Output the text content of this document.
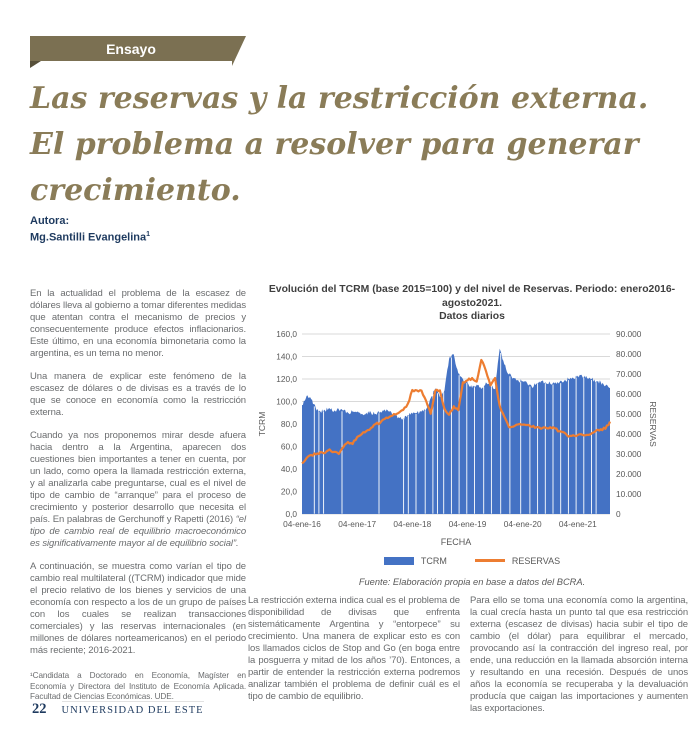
Ensayo
Las reservas y la restricción externa.
El problema a resolver para generar
crecimiento.
Autora:
Mg.Santilli Evangelina$^1$

En la actualidad el problema de la escasez de dólares lleva al gobierno a tomar diferentes medidas que atentan contra el mecanismo de precios y consecuentemente produce efectos inflacionarios. Este último, en una economía bimonetaria como la argentina, es un tema no menor.

Una manera de explicar este fenómeno de la escasez de dólares o de divisas es a través de lo que se conoce en economía como la restricción externa.

Cuando ya nos proponemos mirar desde afuera hacia dentro a la Argentina, aparecen dos cuestiones bien importantes a tener en cuenta, por un lado, como opera la llamada restricción externa, y al analizarla cabe preguntarse, cual es el nivel de tipo de cambio de “arranque” para el proceso de crecimiento y posterior desarrollo que necesita el país. En palabras de Gerchunoff y Rapetti (2016) “el tipo de cambio real de equilibrio macroeconómico es significativamente mayor al de equilibrio social”.

A continuación, se muestra como varían el tipo de cambio real multilateral ((TCRM) indicador que mide el precio relativo de los bienes y servicios de una economía con respecto a los de un grupo de países con los cuales se realizan transacciones comerciales) y las reservas internacionales (en millones de dólares norteamericanos) en el periodo más reciente; 2016-2021.

¹Candidata a Doctorado en Economía, Magíster en Economía y Directora del Instituto de Economía Aplicada. Facultad de Ciencias Económicas. UDE.
Evolución del TCRM (base 2015=100) y del nivel de Reservas. Periodo: enero2016-agosto2021.
Datos diarios
160,0
140,0
120,0
100,0
80,0
60,0
40,0
20,0
0,0
90.000
80.000
70.000
60.000
50.000
40.000
30.000
20.000
10.000
0
04-ene-16 04-ene-17 04-ene-18 04-ene-19 04-ene-20 04-ene-21
TCRM	RESERVAS
FECHA
TCRM	RESERVAS
Fuente: Elaboración propia en base a datos del BCRA.

La restricción externa indica cual es el problema de disponibilidad de divisas que enfrenta sistemáticamente Argentina y “entorpece” su crecimiento. Una manera de explicar esto es con los llamados ciclos de Stop and Go (en boga entre la posguerra y mitad de los años ’70). Entonces, a partir de entender la restricción externa podremos analizar también el problema de definir cuál es el tipo de cambio de equilibrio.

Para ello se toma una economía como la argentina, la cual crecía hasta un punto tal que esa restricción externa (escasez de divisas) hacia subir el tipo de cambio (el dólar) para equilibrar el mercado, provocando así la contracción del ingreso real, por ende, una reducción en la llamada absorción interna y resultando en una recesión. Después de unos años la economía se recuperaba y la devaluación producía que caigan las importaciones y aumenten las exportaciones.

22 UNIVERSIDAD DEL ESTE
